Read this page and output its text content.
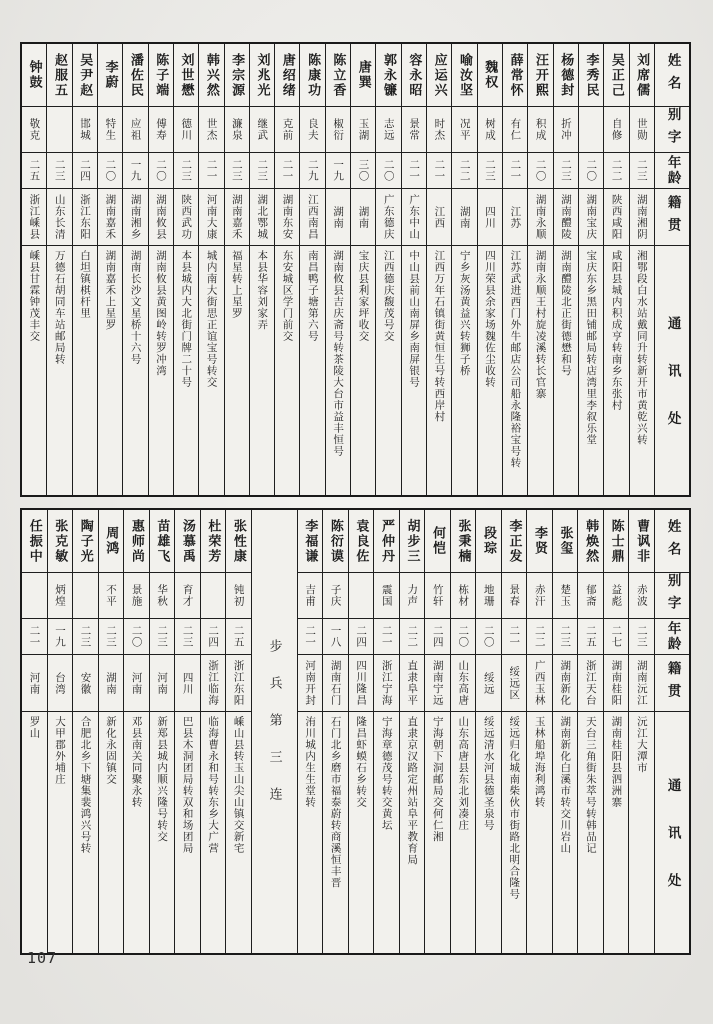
钟鼓
敬克
二五
浙江嵊县
嵊县甘霖钟茂丰交
赵服五
二三
山东长清
万德石胡同车站邮局转
吴尹赵
邯城
二四
浙江东阳
白坦镇棋杆里
李蔚
特生
二〇
湖南嘉禾
湖南嘉禾上星罗
潘佐民
应祖
一九
湖南湘乡
湖南长沙文星桥十六号
陈子端
傅寿
二〇
湖南攸县
湖南攸县黄图岭转罗冲湾
刘世懋
德川
二三
陕西武功
本县城内大北街门牌二十号
韩兴然
世杰
二一
河南大康
城内南大街思正谊宝号转交
李宗源
濂泉
二三
湖南嘉禾
福星转上星罗
刘兆光
继武
二三
湖北鄂城
本县华容刘家弄
唐绍绪
克前
二一
湖南东安
东安城区学门前交
陈康功
良夫
二九
江西南昌
南昌鸭子塘第六号
陈立香
椒衍
一九
湖南
湖南攸县吉庆斋号转茶陵大台市益丰恒号
唐巽
玉湖
三〇
湖南
宝庆县利家坪收交
郭永镰
志远
二〇
广东德庆
江西德庆馥茂号交
容永昭
景常
二一
广东中山
中山县前山南屏乡南屏银号
应运兴
时杰
二一
江西
江西万年石镇街黄恒生号转西岸村
喻汝坚
况平
二二
湖南
宁乡灰汤黄益兴转狮子桥
魏权
树成
二三
四川
四川荣县余家场魏佐尘收转
薛常怀
有仁
二一
江苏
江苏武进西门外牛邮店公司船永隆裕宝号转
汪开熙
积成
二〇
湖南永顺
湖南永顺王村旋凌溪转长官寨
杨德封
折冲
二三
湖南醴陵
湖南醴陵北正街德懋和号
李秀民
二〇
湖南宝庆
宝庆东乡黑田铺邮局转店湾里李叙乐堂
吴正己
自修
二二
陕西咸阳
咸阳县城内积成亨转南乡东张村
刘席儒
世勋
二三
湖南湘阴
湘鄂段白水站戴同升转新开市黄乾兴转
姓名
别字
年龄
籍贯
通讯处
任振中
二一
河南
罗山
张克敏
炳煌
一九
台湾
大甲郡外埔庄
陶子光
二三
安徽
合肥北乡下塘集裴鸿兴号转
周鸿
不平
二三
湖南
新化永固镇交
惠师尚
景施
二〇
河南
邓县南关同聚永转
苗雄飞
华秋
二三
河南
新郑县城内顺兴隆号转交
汤慕禹
育才
二三
四川
巴县木洞团局转双和场团局
杜荣芳
二四
浙江临海
临海曹永和号转东乡大广营
张性康
钝初
二五
浙江东阳
嵊山县转玉山尖山镇交新宅 步兵第三连
李福谦
吉甫
二一
河南开封
洧川城内生生堂转
陈衍谟
子庆
一八
湖南石门
石门北乡磨市福泰蔚转商溪恒丰晋
袁良佐
二四
四川隆昌
隆昌虾蟆石乡转交
严仲丹
震国
二一
浙江宁海
宁海章德茂号转交黄坛
胡步三
力声
二二
直隶阜平
直隶京汉路定州站阜平教育局
何恺
竹轩
二四
湖南宁远
宁海朝下洞邮局交何仁湘
张秉楠
栋材
二〇
山东高唐
山东高唐县东北刘凑庄
段琮
地珊
二〇
绥远
绥远清水河县德圣泉号
李正发
景春
二一
绥远区
绥远归化城南柴伙市街路北明合隆号
李贤
赤汗
二二
广西玉林
玉林船埠海利鸿转
张玺
楚玉
二三
湖南新化
湖南新化白溪市转交川岩山
韩焕然
郁斋
二五
浙江天台
天台三角街朱萃号转韩品记
陈士鼎
益彪
二七
湖南桂阳
湖南桂阳县泗洲寨
曹讽非
赤波
二三
湖南沅江
沅江大潭市
姓名
别字
年龄
籍贯
通讯处
107
